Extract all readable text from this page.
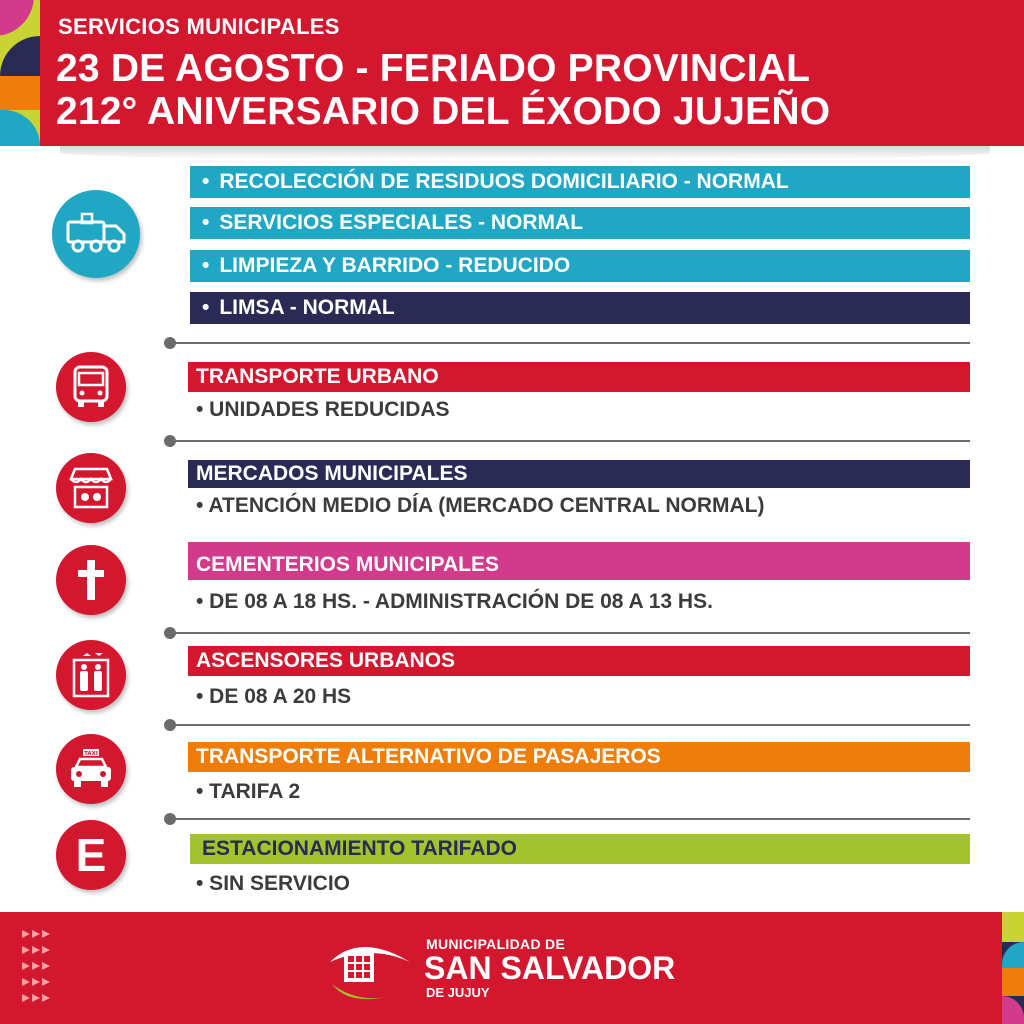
SERVICIOS MUNICIPALES
23 DE AGOSTO - FERIADO PROVINCIAL
212° ANIVERSARIO DEL ÉXODO JUJEÑO
• RECOLECCIÓN DE RESIDUOS DOMICILIARIO - NORMAL
• SERVICIOS ESPECIALES - NORMAL
• LIMPIEZA Y BARRIDO - REDUCIDO
• LIMSA - NORMAL
TRANSPORTE URBANO
• UNIDADES REDUCIDAS
MERCADOS MUNICIPALES
• ATENCIÓN MEDIO DÍA (MERCADO CENTRAL NORMAL)
CEMENTERIOS MUNICIPALES
• DE 08 A 18 HS. - ADMINISTRACIÓN DE 08 A 13 HS.
ASCENSORES URBANOS
• DE 08 A 20 HS
TAXI	TRANSPORTE ALTERNATIVO DE PASAJEROS
• TARIFA 2
E	ESTACIONAMIENTO TARIFADO
• SIN SERVICIO
MUNICIPALIDAD DE
SAN SALVADOR
DE JUJUY
